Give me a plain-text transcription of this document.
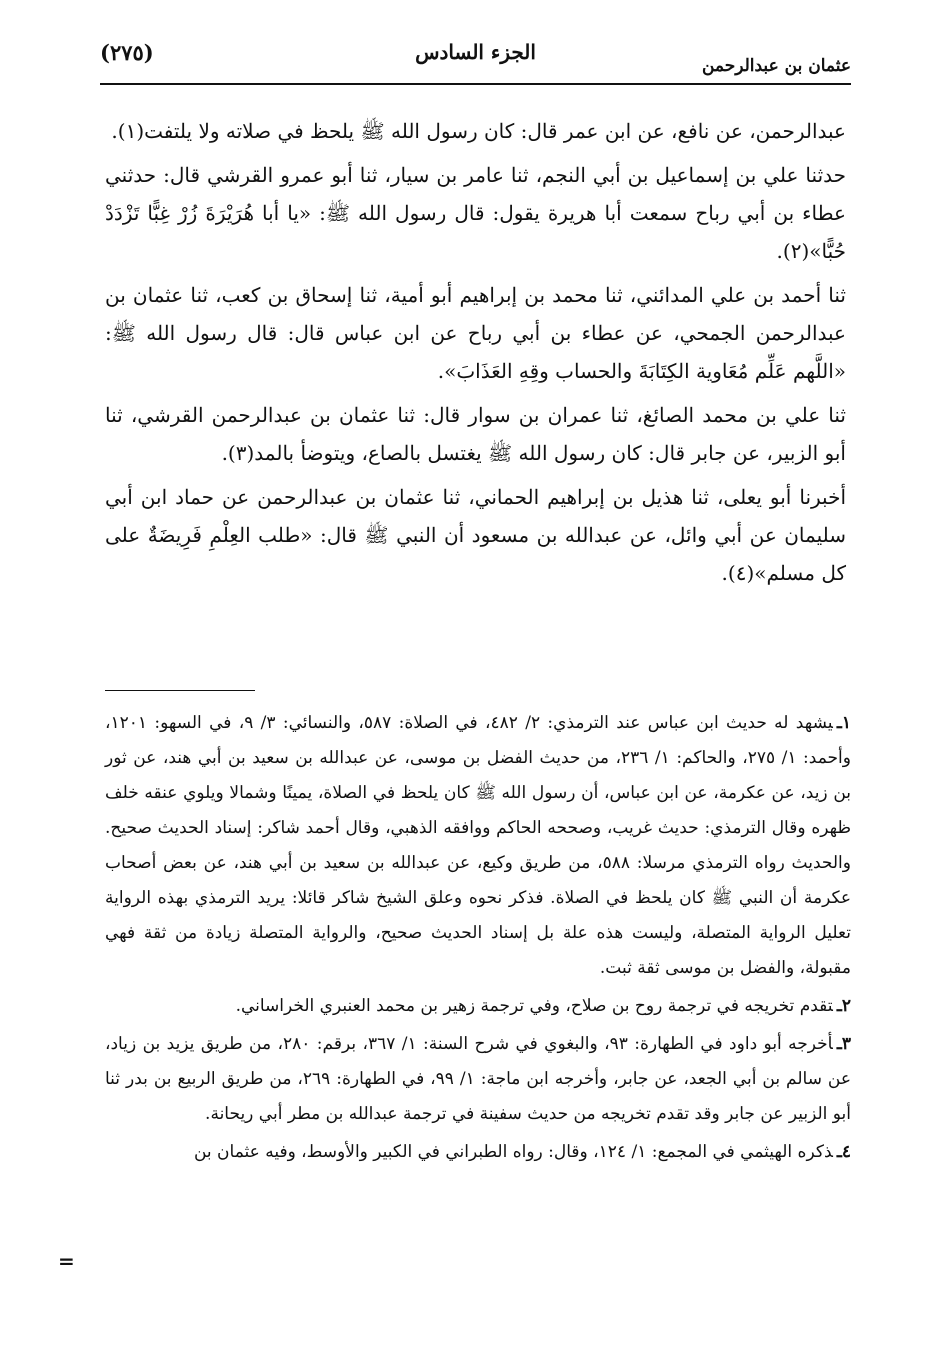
(٢٧٥)	الجزء السادس
عثمان بن عبدالرحمن

عبدالرحمن، عن نافع، عن ابن عمر قال: كان رسول الله ﷺ يلحظ في صلاته ولا يلتفت(١).

حدثنا علي بن إسماعيل بن أبي النجم، ثنا عامر بن سيار، ثنا أبو عمرو القرشي قال: حدثني عطاء بن أبي رباح سمعت أبا هريرة يقول: قال رسول الله ﷺ: «يا أبا هُرَيْرَةَ زُرْ غِبًّا تَزْدَدْ حُبًّا»(٢).

ثنا أحمد بن علي المدائني، ثنا محمد بن إبراهيم أبو أمية، ثنا إسحاق بن كعب، ثنا عثمان بن عبدالرحمن الجمحي، عن عطاء بن أبي رباح عن ابن عباس قال: قال رسول الله ﷺ: «اللَّهم عَلِّم مُعَاوية الكِتَابَةَ والحساب وقِهِ العَذَابَ».

ثنا علي بن محمد الصائغ، ثنا عمران بن سوار قال: ثنا عثمان بن عبدالرحمن القرشي، ثنا أبو الزبير، عن جابر قال: كان رسول الله ﷺ يغتسل بالصاع، ويتوضأ بالمد(٣).

أخبرنا أبو يعلى، ثنا هذيل بن إبراهيم الحماني، ثنا عثمان بن عبدالرحمن عن حماد ابن أبي سليمان عن أبي وائل، عن عبدالله بن مسعود أن النبي ﷺ قال: «طلب العِلْمِ فَرِيضَةٌ على كل مسلم»(٤).

١ـيشهد له حديث ابن عباس عند الترمذي: ٢/ ٤٨٢، في الصلاة: ٥٨٧، والنسائي: ٣/ ٩، في السهو: ١٢٠١، وأحمد: ١/ ٢٧٥، والحاكم: ١/ ٢٣٦، من حديث الفضل بن موسى، عن عبدالله بن سعيد بن أبي هند، عن ثور بن زيد، عن عكرمة، عن ابن عباس، أن رسول الله ﷺ كان يلحظ في الصلاة، يمينًا وشمالا ويلوي عنقه خلف ظهره وقال الترمذي: حديث غريب، وصححه الحاكم ووافقه الذهبي، وقال أحمد شاكر: إسناد الحديث صحيح. والحديث رواه الترمذي مرسلا: ٥٨٨، من طريق وكيع، عن عبدالله بن سعيد بن أبي هند، عن بعض أصحاب عكرمة أن النبي ﷺ كان يلحظ في الصلاة. فذكر نحوه وعلق الشيخ شاكر قائلا: يريد الترمذي بهذه الرواية تعليل الرواية المتصلة، وليست هذه علة بل إسناد الحديث صحيح، والرواية المتصلة زيادة من ثقة فهي مقبولة، والفضل بن موسى ثقة ثبت.

٢ـتقدم تخريجه في ترجمة روح بن صلاح، وفي ترجمة زهير بن محمد العنبري الخراساني.

٣ـأخرجه أبو داود في الطهارة: ٩٣، والبغوي في شرح السنة: ١/ ٣٦٧، برقم: ٢٨٠، من طريق يزيد بن زياد، عن سالم بن أبي الجعد، عن جابر، وأخرجه ابن ماجة: ١/ ٩٩، في الطهارة: ٢٦٩، من طريق الربيع بن بدر ثنا أبو الزبير عن جابر وقد تقدم تخريجه من حديث سفينة في ترجمة عبدالله بن مطر أبي ريحانة.

٤ـذكره الهيثمي في المجمع: ١/ ١٢٤، وقال: رواه الطبراني في الكبير والأوسط، وفيه عثمان بن

=
